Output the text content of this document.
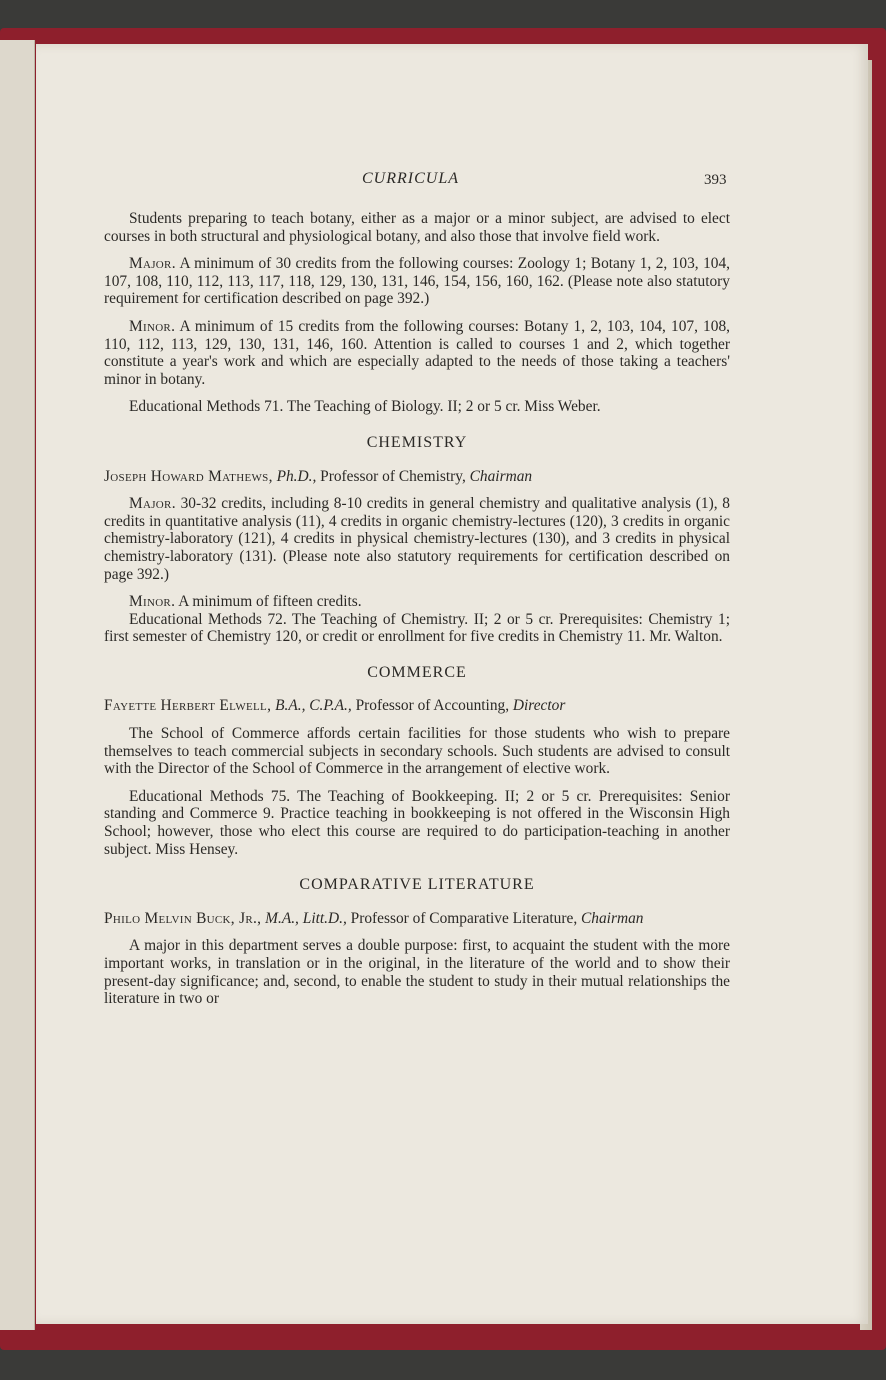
CURRICULA	393

Students preparing to teach botany, either as a major or a minor subject, are advised to elect courses in both structural and physiological botany, and also those that involve field work.

Major. A minimum of 30 credits from the following courses: Zoology 1; Botany 1, 2, 103, 104, 107, 108, 110, 112, 113, 117, 118, 129, 130, 131, 146, 154, 156, 160, 162. (Please note also statutory requirement for certification described on page 392.)

Minor. A minimum of 15 credits from the following courses: Botany 1, 2, 103, 104, 107, 108, 110, 112, 113, 129, 130, 131, 146, 160. Attention is called to courses 1 and 2, which together constitute a year's work and which are especially adapted to the needs of those taking a teachers' minor in botany.

Educational Methods 71. The Teaching of Biology. II; 2 or 5 cr. Miss Weber.

CHEMISTRY

Joseph Howard Mathews, Ph.D., Professor of Chemistry, Chairman

Major. 30-32 credits, including 8-10 credits in general chemistry and qualitative analysis (1), 8 credits in quantitative analysis (11), 4 credits in organic chemistry-lectures (120), 3 credits in organic chemistry-laboratory (121), 4 credits in physical chemistry-lectures (130), and 3 credits in physical chemistry-laboratory (131). (Please note also statutory requirements for certification described on page 392.)

Minor. A minimum of fifteen credits.

Educational Methods 72. The Teaching of Chemistry. II; 2 or 5 cr. Prerequisites: Chemistry 1; first semester of Chemistry 120, or credit or enrollment for five credits in Chemistry 11. Mr. Walton.

COMMERCE

Fayette Herbert Elwell, B.A., C.P.A., Professor of Accounting, Director

The School of Commerce affords certain facilities for those students who wish to prepare themselves to teach commercial subjects in secondary schools. Such students are advised to consult with the Director of the School of Commerce in the arrangement of elective work.

Educational Methods 75. The Teaching of Bookkeeping. II; 2 or 5 cr. Prerequisites: Senior standing and Commerce 9. Practice teaching in bookkeeping is not offered in the Wisconsin High School; however, those who elect this course are required to do participation-teaching in another subject. Miss Hensey.

COMPARATIVE LITERATURE

Philo Melvin Buck, Jr., M.A., Litt.D., Professor of Comparative Literature, Chairman

A major in this department serves a double purpose: first, to acquaint the student with the more important works, in translation or in the original, in the literature of the world and to show their present-day significance; and, second, to enable the student to study in their mutual relationships the literature in two or
